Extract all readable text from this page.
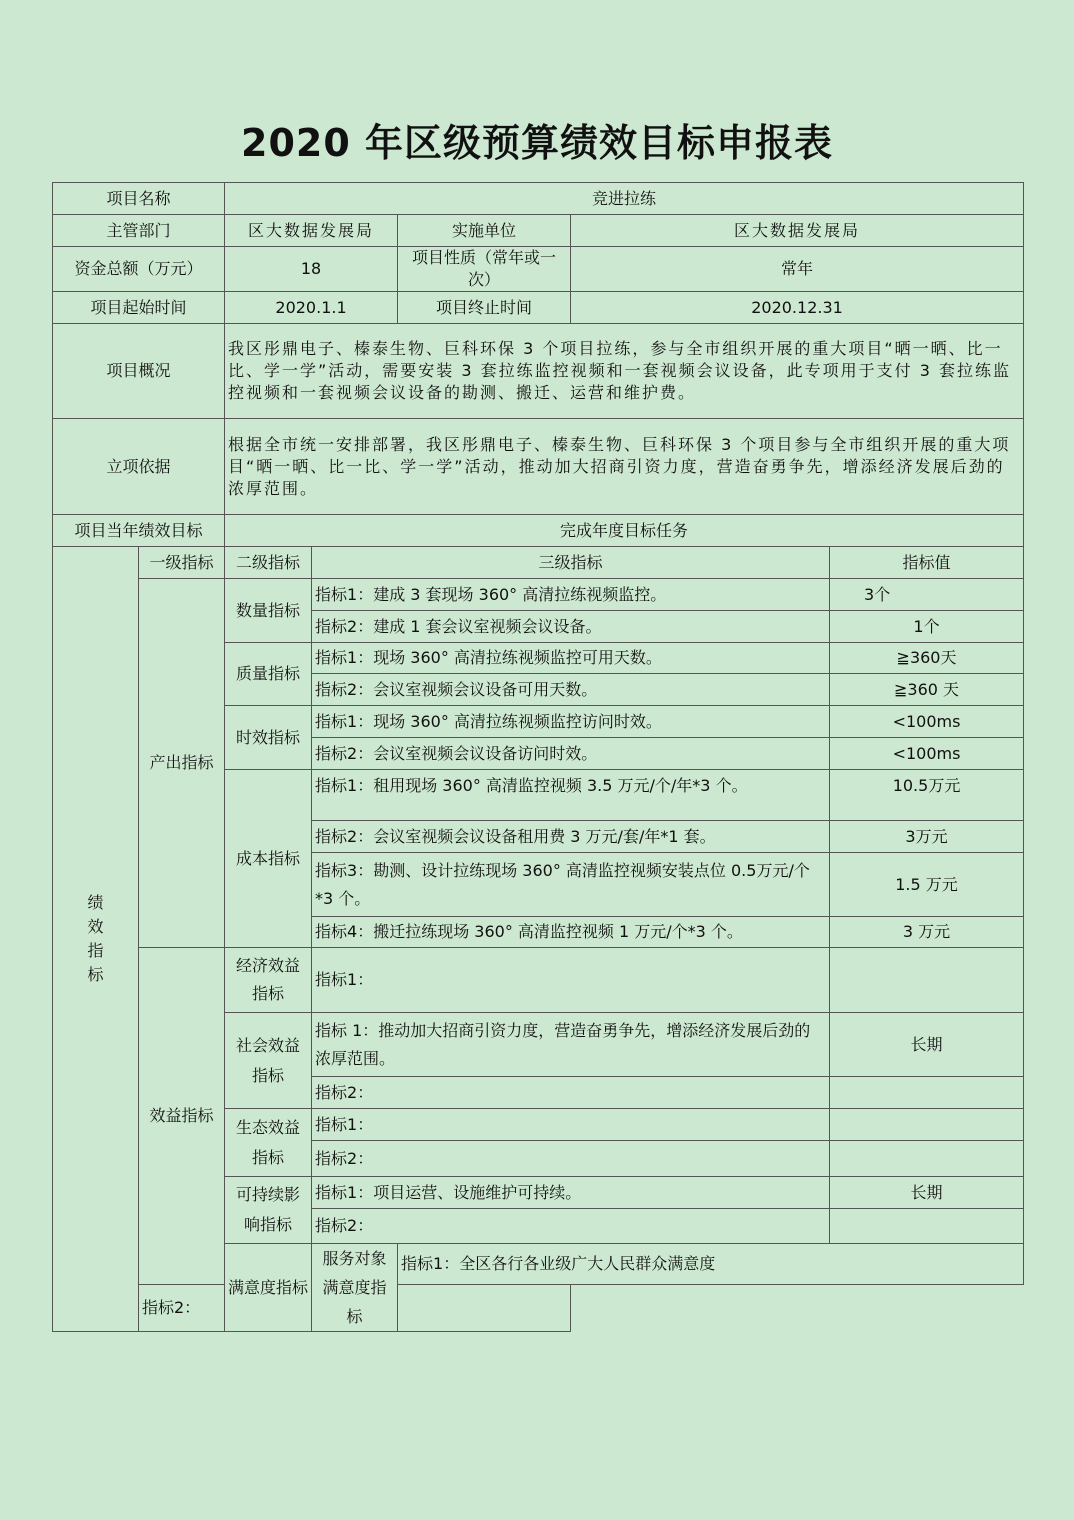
2020 年区级预算绩效目标申报表
项目名称		竞进拉练					
主管部门		区大数据发展局		实施单位	区大数据发展局		
资金总额（万元）		18		项目性质（常年或一次）	常年		
项目起始时间		2020.1.1		项目终止时间	2020.12.31		
项目概况		我区彤鼎电子、榛泰生物、巨科环保 3 个项目拉练，参与全市组织开展的重大项目“晒一晒、比一比、学一学”活动，需要安装 3 套拉练监控视频和一套视频会议设备，此专项用于支付 3 套拉练监控视频和一套视频会议设备的勘测、搬迁、运营和维护费。					
立项依据		根据全市统一安排部署，我区彤鼎电子、榛泰生物、巨科环保 3 个项目参与全市组织开展的重大项目“晒一晒、比一比、学一学”活动，推动加大招商引资力度，营造奋勇争先，增添经济发展后劲的浓厚范围。					
项目当年绩效目标		完成年度目标任务					

绩效指标	一级指标	二级指标	三级指标			指标值	
	产出指标	数量指标	指标1：建成 3 套现场 360° 高清拉练视频监控。			3个	
			指标2：建成 1 套会议室视频会议设备。			1个	
		质量指标	指标1：现场 360° 高清拉练视频监控可用天数。			≧360天	
			指标2：会议室视频会议设备可用天数。			≧360 天	
		时效指标	指标1：现场 360° 高清拉练视频监控访问时效。			<100ms	
			指标2：会议室视频会议设备访问时效。			<100ms	
		成本指标	指标1：租用现场 360° 高清监控视频 3.5 万元/个/年*3 个。			10.5万元	
			指标2：会议室视频会议设备租用费 3 万元/套/年*1 套。			3万元	
			指标3：勘测、设计拉练现场 360° 高清监控视频安装点位 0.5万元/个*3 个。			1.5 万元	
			指标4：搬迁拉练现场 360° 高清监控视频 1 万元/个*3 个。			3 万元	
	效益指标	经济效益指标	指标1：				
		社会效益指标	指标 1：推动加大招商引资力度，营造奋勇争先，增添经济发展后劲的浓厚范围。			长期	
			指标2：				
		生态效益指标	指标1：				
			指标2：				
		可持续影响指标	指标1：项目运营、设施维护可持续。			长期	
			指标2：				
		满意度指标	服务对象满意度指标	指标1：全区各行各业级广大人民群众满意度	
	指标2：						
